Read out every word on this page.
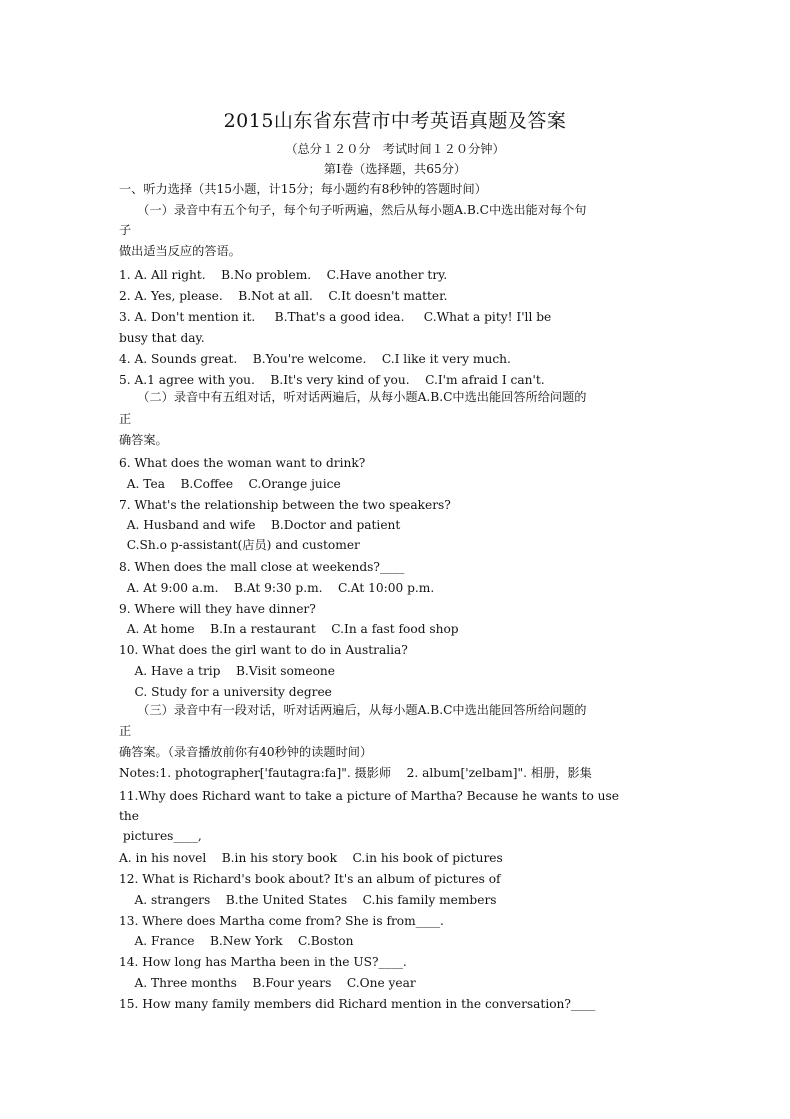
2015山东省东营市中考英语真题及答案
（总分１２０分　考试时间１２０分钟）
第Ⅰ卷（选择题，共65分）
一、听力选择（共15小题，计15分；每小题约有8秒钟的答题时间）
　　（一）录音中有五个句子，每个句子听两遍，然后从每小题A.B.C中选出能对每个句
子
做出适当反应的答语。
1. A. All right.    B.No problem.    C.Have another try.
2. A. Yes, please.    B.Not at all.    C.It doesn't matter.
3. A. Don't mention it.     B.That's a good idea.     C.What a pity! I'll be
busy that day.
4. A. Sounds great.    B.You're welcome.    C.I like it very much.
5. A.1 agree with you.    B.It's very kind of you.    C.I'm afraid I can't.
　　（二）录音中有五组对话，听对话两遍后，从每小题A.B.C中选出能回答所给问题的
正
确答案。
6. What does the woman want to drink?
A. Tea    B.Coffee    C.Orange juice
7. What's the relationship between the two speakers?
A. Husband and wife    B.Doctor and patient
C.Sh.o p-assistant(店员) and customer
8. When does the mall close at weekends?____
A. At 9:00 a.m.    B.At 9:30 p.m.    C.At 10:00 p.m.
9. Where will they have dinner?
A. At home    B.In a restaurant    C.In a fast food shop
10. What does the girl want to do in Australia?
A. Have a trip    B.Visit someone
C. Study for a university degree
　　（三）录音中有一段对话，听对话两遍后，从每小题A.B.C中选出能回答所给问题的
正
确答案。（录音播放前你有40秒钟的读题时间）
Notes:1. photographer['fautagra:fa]". 摄影师    2. album['zelbam]". 相册，影集
11.Why does Richard want to take a picture of Martha? Because he wants to use
the
pictures____,
A. in his novel    B.in his story book    C.in his book of pictures
12. What is Richard's book about? It's an album of pictures of
A. strangers    B.the United States    C.his family members
13. Where does Martha come from? She is from____.
A. France    B.New York    C.Boston
14. How long has Martha been in the US?____.
A. Three months    B.Four years    C.One year
15. How many family members did Richard mention in the conversation?____
